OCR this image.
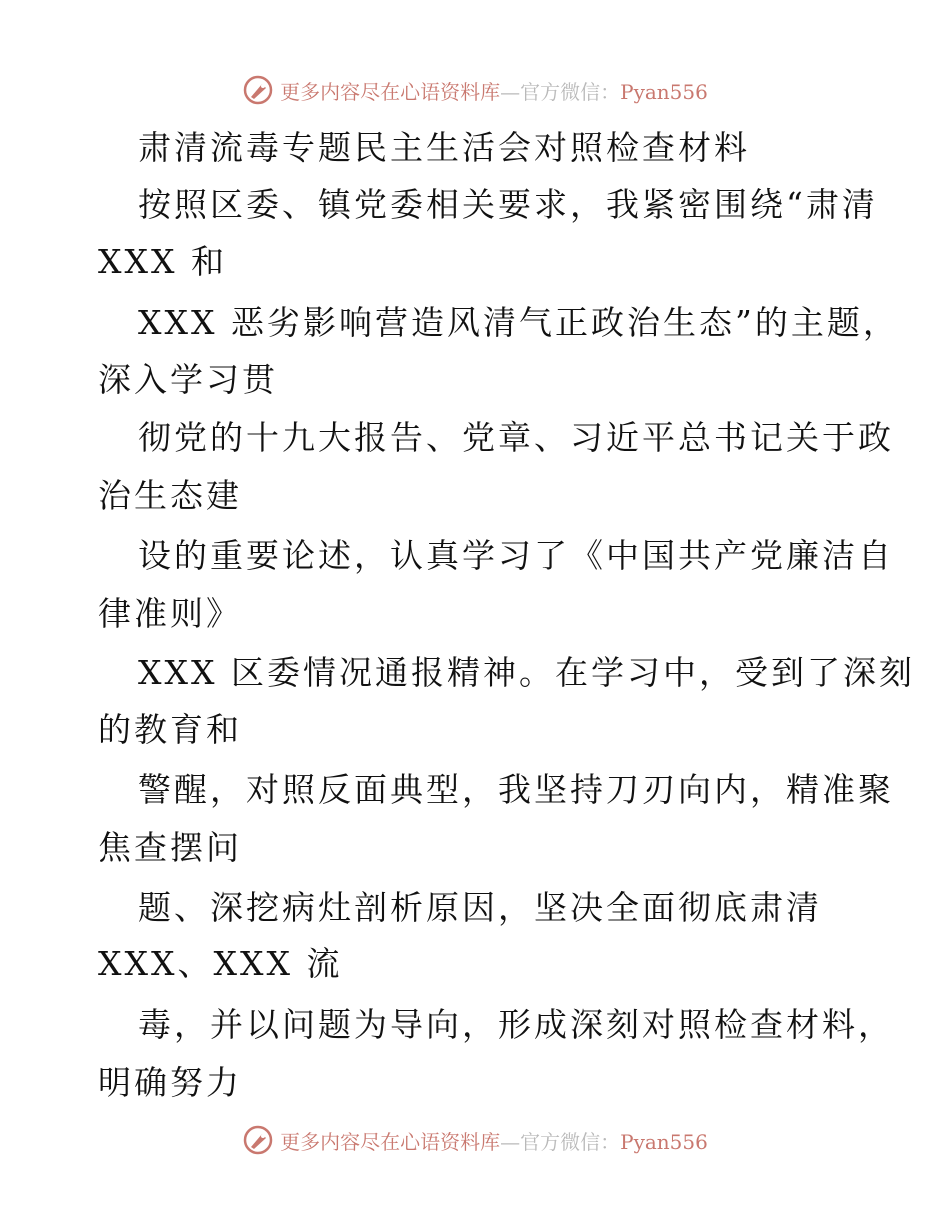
更多内容尽在心语资料库—官方微信：Pyan556
肃清流毒专题民主生活会对照检查材料
按照区委、镇党委相关要求，我紧密围绕“肃清
XXX 和
XXX 恶劣影响营造风清气正政治生态”的主题，
深入学习贯
彻党的十九大报告、党章、习近平总书记关于政
治生态建
设的重要论述，认真学习了《中国共产党廉洁自
律准则》
XXX 区委情况通报精神。在学习中，受到了深刻
的教育和
警醒，对照反面典型，我坚持刀刃向内，精准聚
焦查摆问
题、深挖病灶剖析原因，坚决全面彻底肃清
XXX、XXX 流
毒，并以问题为导向，形成深刻对照检查材料，
明确努力
更多内容尽在心语资料库—官方微信：Pyan556
